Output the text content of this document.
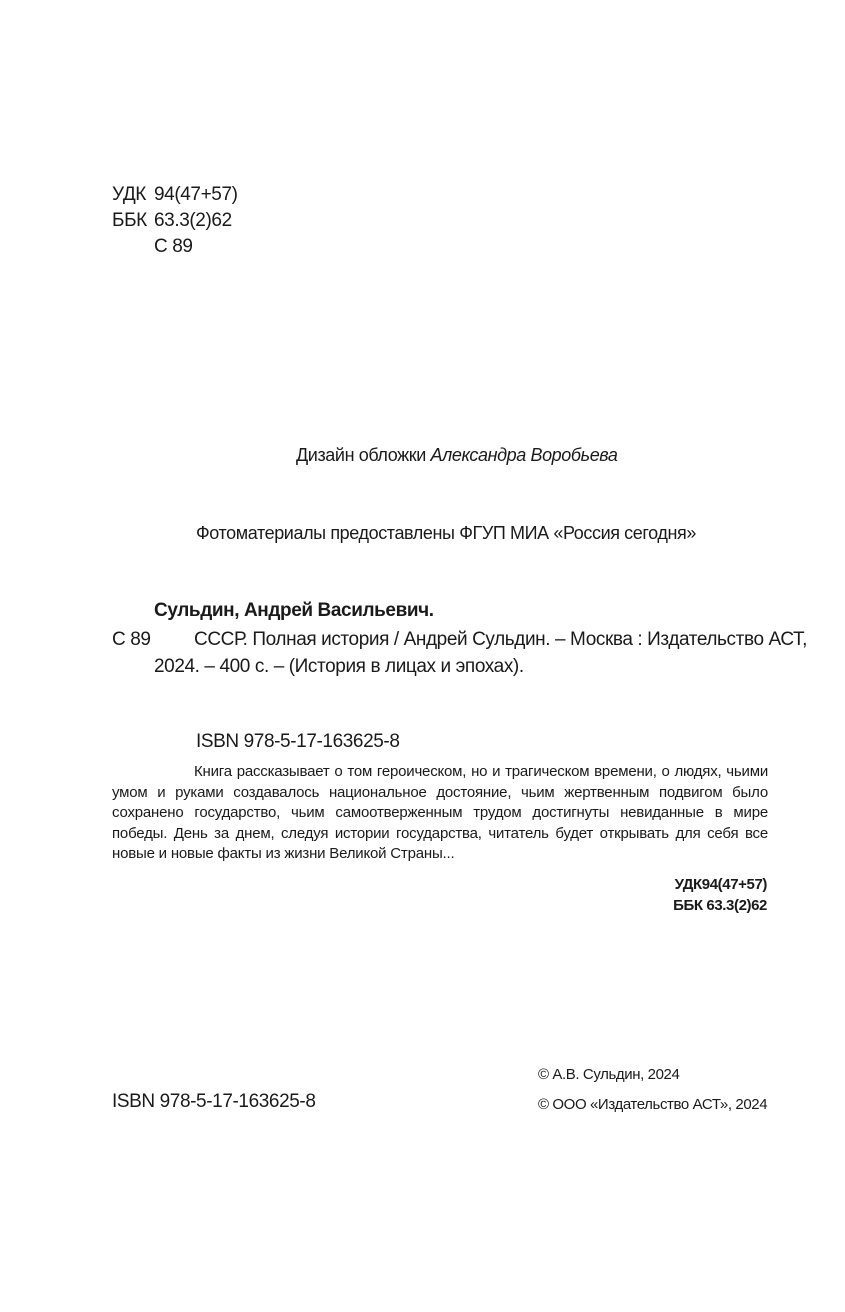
УДК 94(47+57)
ББК 63.3(2)62
С 89
Дизайн обложки Александра Воробьева
Фотоматериалы предоставлены ФГУП МИА «Россия сегодня»
Сульдин, Андрей Васильевич.
С 89 СССР. Полная история / Андрей Сульдин. – Москва : Издательство АСТ,
2024. – 400 с. – (История в лицах и эпохах).
ISBN 978-5-17-163625-8
Книга рассказывает о том героическом, но и трагическом времени, о людях, чьими умом и руками создавалось национальное достояние, чьим жертвенным подвигом было сохранено государство, чьим самоотверженным трудом достигнуты невиданные в мире победы. День за днем, следуя истории государства, читатель будет открывать для себя все новые и новые факты из жизни Великой Страны...
УДК94(47+57)
ББК 63.3(2)62
ISBN 978-5-17-163625-8
© А.В. Сульдин, 2024
© ООО «Издательство АСТ», 2024
